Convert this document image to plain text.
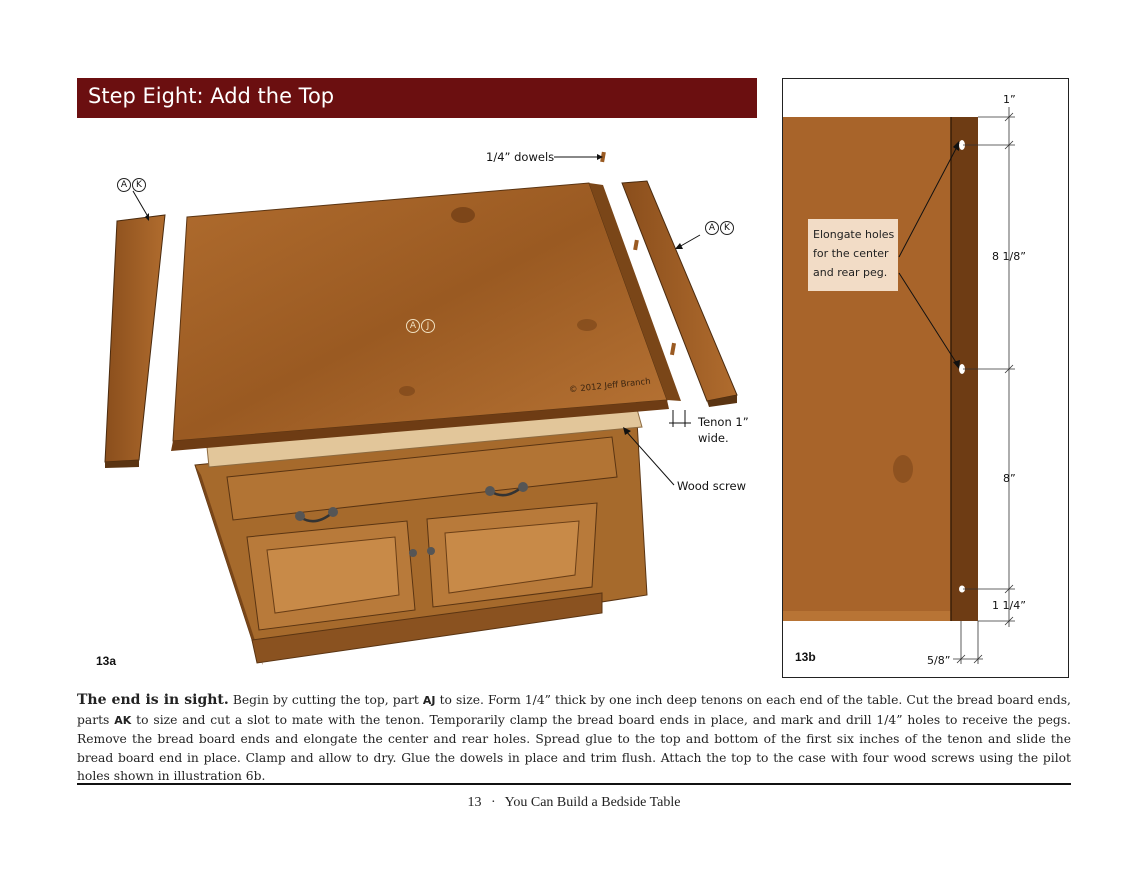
Step Eight: Add the Top
1/4” dowels
Tenon 1”
wide.
Wood screw
© 2012 Jeff Branch
A K
A K
A J
13a
1”
8 1/8”
8”
1 1/4”
5/8”
13b
Elongate holes
for the center
and rear peg.
The end is in sight. Begin by cutting the top, part AJ to size. Form 1/4” thick by one inch deep tenons on each end of the table. Cut the bread board ends, parts AK to size and cut a slot to mate with the tenon. Temporarily clamp the bread board ends in place, and mark and drill 1/4” holes to receive the pegs. Remove the bread board ends and elongate the center and rear holes. Spread glue to the top and bottom of the first six inches of the tenon and slide the bread board end in place. Clamp and allow to dry. Glue the dowels in place and trim flush. Attach the top to the case with four wood screws using the pilot holes shown in illustration 6b.
13 · You Can Build a Bedside Table
